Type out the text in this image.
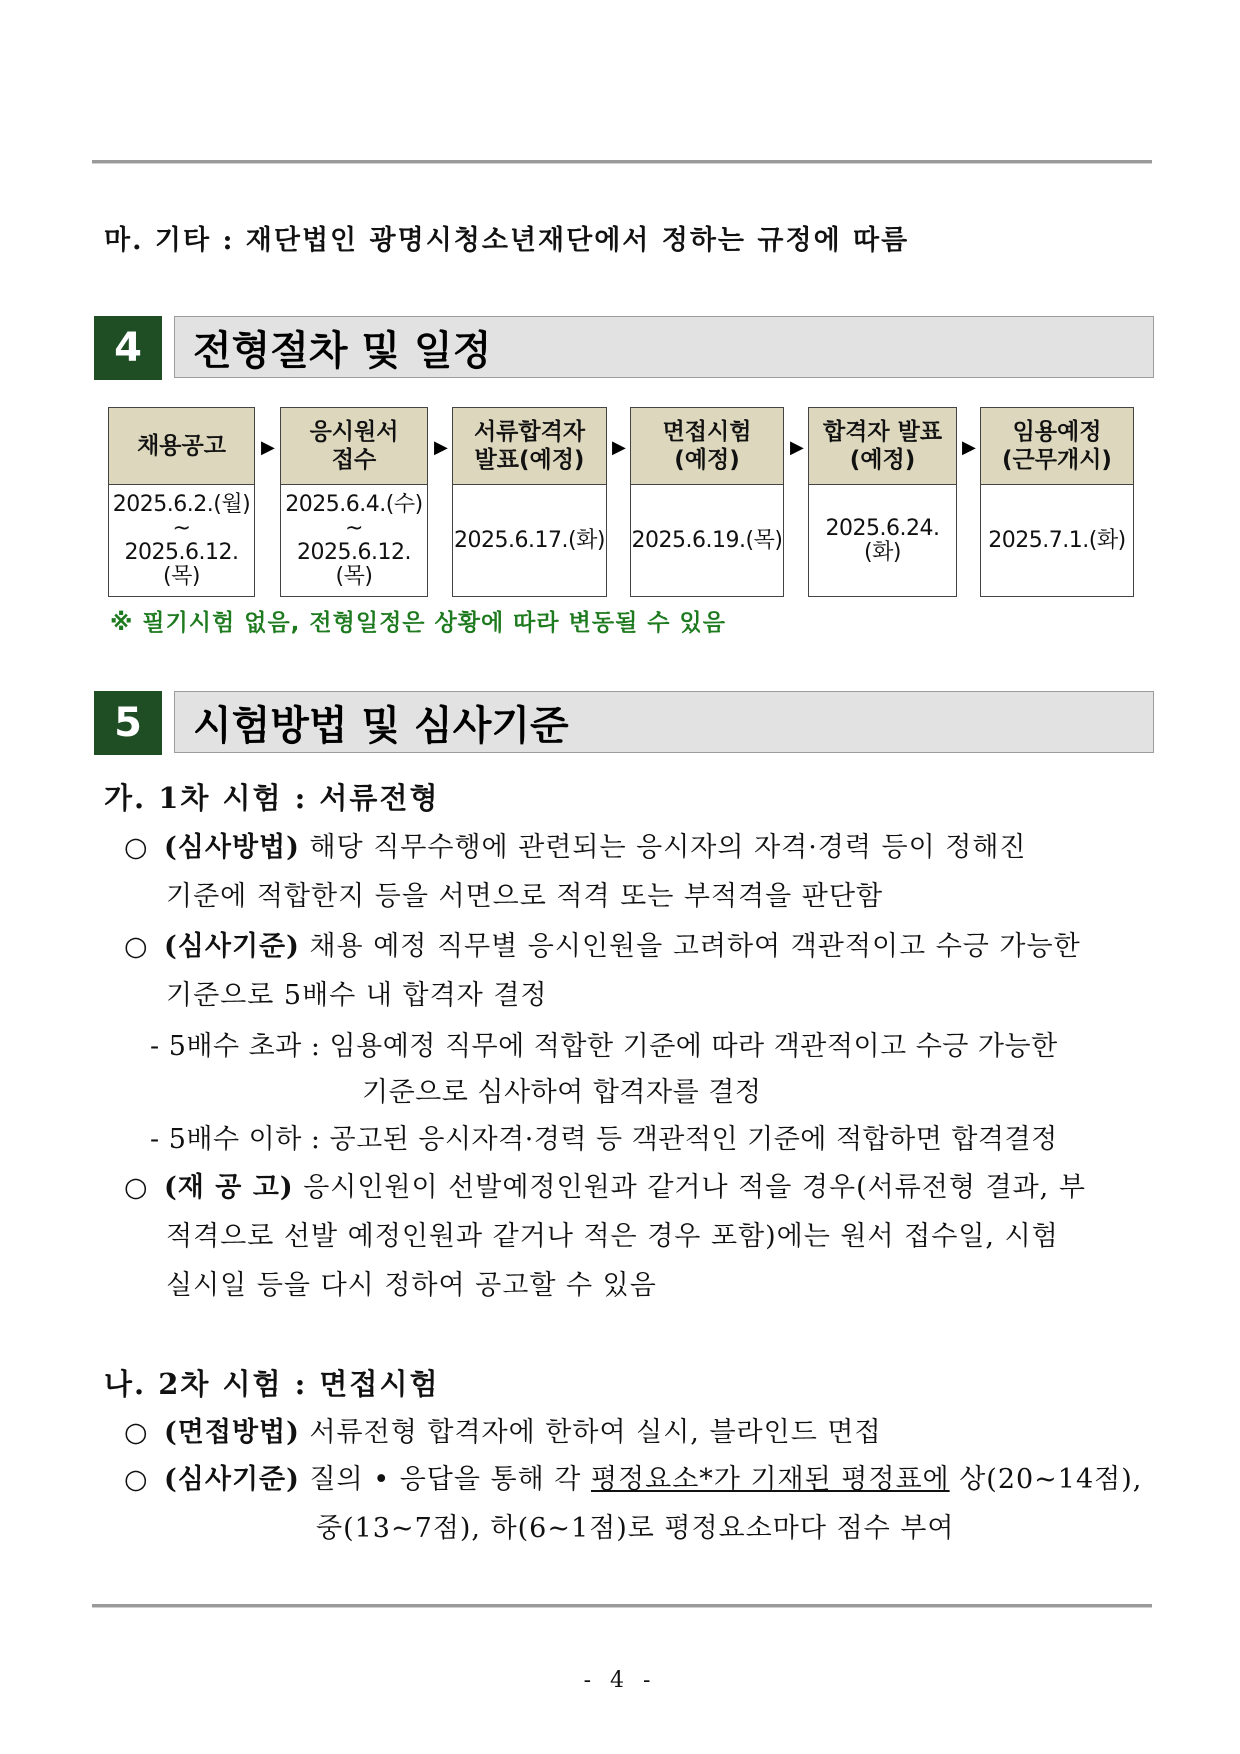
마. 기타 : 재단법인 광명시청소년재단에서 정하는 규정에 따름
4	전형절차 및 일정
채용공고
2025.6.2.(월)
~
2025.6.12.(목)
▶
응시원서
접수
2025.6.4.(수)
~
2025.6.12.(목)
▶
서류합격자
발표(예정)
2025.6.17.(화)
▶
면접시험
(예정)
2025.6.19.(목)
▶
합격자 발표
(예정)
2025.6.24.(화)
▶
임용예정
(근무개시)
2025.7.1.(화)
※ 필기시험 없음, 전형일정은 상황에 따라 변동될 수 있음
5	시험방법 및 심사기준
가. 1차 시험 : 서류전형
○ (심사방법) 해당 직무수행에 관련되는 응시자의 자격·경력 등이 정해진
기준에 적합한지 등을 서면으로 적격 또는 부적격을 판단함
○ (심사기준) 채용 예정 직무별 응시인원을 고려하여 객관적이고 수긍 가능한
기준으로 5배수 내 합격자 결정
- 5배수 초과 : 임용예정 직무에 적합한 기준에 따라 객관적이고 수긍 가능한
기준으로 심사하여 합격자를 결정
- 5배수 이하 : 공고된 응시자격·경력 등 객관적인 기준에 적합하면 합격결정
○ (재 공 고) 응시인원이 선발예정인원과 같거나 적을 경우(서류전형 결과, 부
적격으로 선발 예정인원과 같거나 적은 경우 포함)에는 원서 접수일, 시험
실시일 등을 다시 정하여 공고할 수 있음
나. 2차 시험 : 면접시험
○ (면접방법) 서류전형 합격자에 한하여 실시, 블라인드 면접
○ (심사기준) 질의 • 응답을 통해 각 평정요소*가 기재된 평정표에 상(20~14점),
중(13~7점), 하(6~1점)로 평정요소마다 점수 부여
- 4 -
